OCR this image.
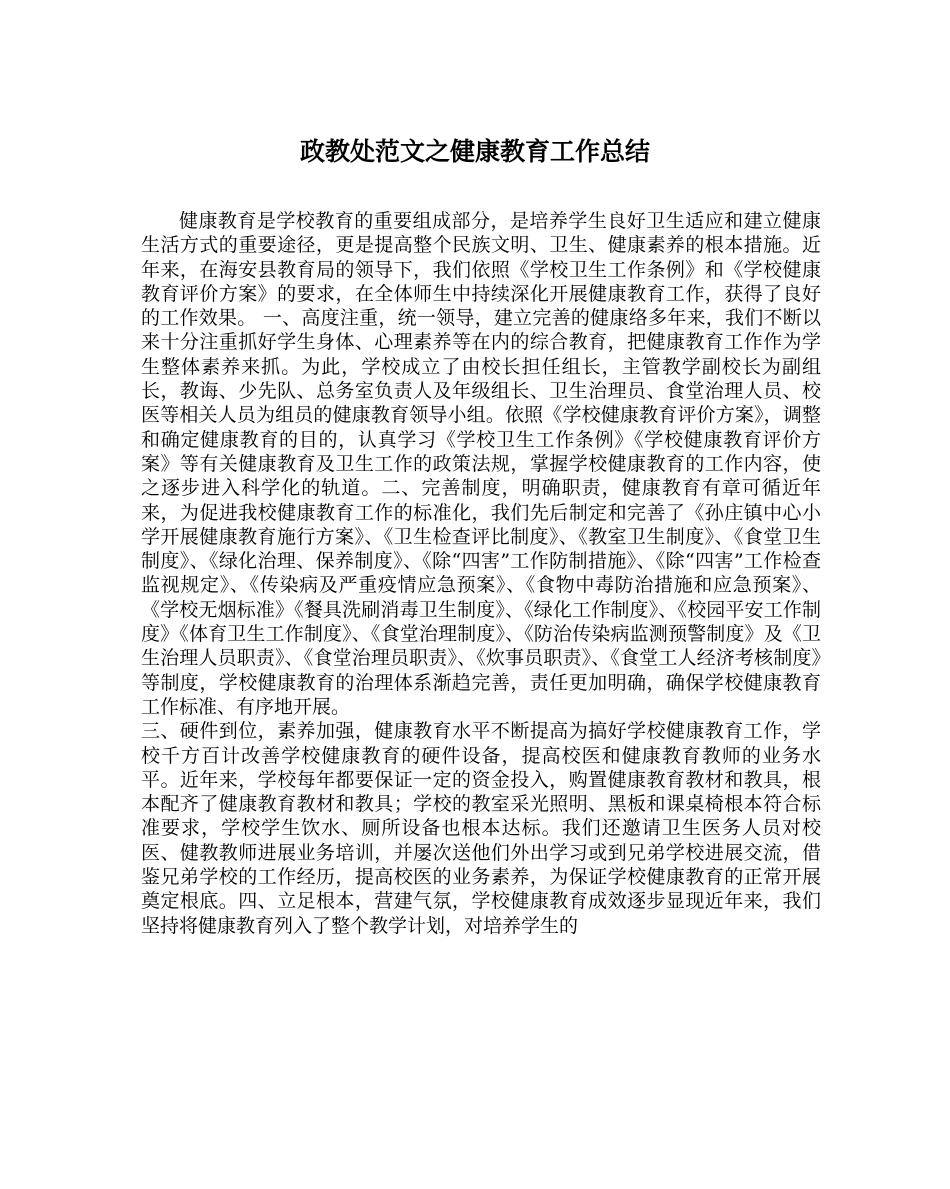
政教处范文之健康教育工作总结

健康教育是学校教育的重要组成部分，是培养学生良好卫生适应和建立健康生活方式的重要途径，更是提高整个民族文明、卫生、健康素养的根本措施。近年来，在海安县教育局的领导下，我们依照《学校卫生工作条例》和《学校健康教育评价方案》的要求，在全体师生中持续深化开展健康教育工作，获得了良好的工作效果。 一、高度注重，统一领导，建立完善的健康络多年来，我们不断以来十分注重抓好学生身体、心理素养等在内的综合教育，把健康教育工作作为学生整体素养来抓。为此，学校成立了由校长担任组长，主管教学副校长为副组长，教诲、少先队、总务室负责人及年级组长、卫生治理员、食堂治理人员、校医等相关人员为组员的健康教育领导小组。依照《学校健康教育评价方案》，调整和确定健康教育的目的，认真学习《学校卫生工作条例》《学校健康教育评价方案》等有关健康教育及卫生工作的政策法规，掌握学校健康教育的工作内容，使之逐步进入科学化的轨道。二、完善制度，明确职责，健康教育有章可循近年来，为促进我校健康教育工作的标准化，我们先后制定和完善了《孙庄镇中心小学开展健康教育施行方案》、《卫生检查评比制度》、《教室卫生制度》、《食堂卫生制度》、《绿化治理、保养制度》、《除“四害”工作防制措施》、《除“四害”工作检查监视规定》、《传染病及严重疫情应急预案》、《食物中毒防治措施和应急预案》、《学校无烟标准》《餐具洗刷消毒卫生制度》、《绿化工作制度》、《校园平安工作制度》《体育卫生工作制度》、《食堂治理制度》、《防治传染病监测预警制度》及《卫生治理人员职责》、《食堂治理员职责》、《炊事员职责》、《食堂工人经济考核制度》等制度，学校健康教育的治理体系渐趋完善，责任更加明确，确保学校健康教育工作标准、有序地开展。

三、硬件到位，素养加强，健康教育水平不断提高为搞好学校健康教育工作，学校千方百计改善学校健康教育的硬件设备，提高校医和健康教育教师的业务水平。近年来，学校每年都要保证一定的资金投入，购置健康教育教材和教具，根本配齐了健康教育教材和教具；学校的教室采光照明、黑板和课桌椅根本符合标准要求，学校学生饮水、厕所设备也根本达标。我们还邀请卫生医务人员对校医、健教教师进展业务培训，并屡次送他们外出学习或到兄弟学校进展交流，借鉴兄弟学校的工作经历，提高校医的业务素养，为保证学校健康教育的正常开展奠定根底。四、立足根本，营建气氛，学校健康教育成效逐步显现近年来，我们坚持将健康教育列入了整个教学计划，对培养学生的
